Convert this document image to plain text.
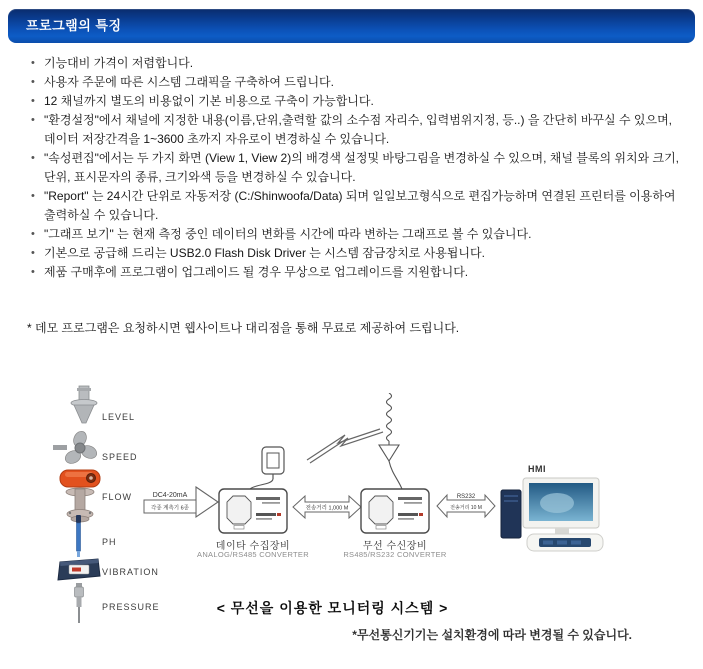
프로그램의 특징
• 기능대비 가격이 저렴합니다.
• 사용자 주문에 따른 시스템 그래픽을 구축하여 드립니다.
• 12 채널까지 별도의 비용없이 기본 비용으로 구축이 가능합니다.
• "환경설정"에서 채널에 지정한 내용(이름,단위,출력할 값의 소수점 자리수, 입력범위지정, 등..) 을 간단히 바꾸실 수 있으며, 데이터 저장간격을 1~3600 초까지 자유로이 변경하실 수 있습니다.
• "속성편집"에서는 두 가지 화면 (View 1, View 2)의 배경색 설정및 바탕그림을 변경하실 수 있으며, 채널 블록의 위치와 크기,단위, 표시문자의 종류, 크기와색 등을 변경하실 수 있습니다.
• "Report" 는 24시간 단위로 자동저장 (C:/Shinwoofa/Data) 되며 일일보고형식으로 편집가능하며 연결된 프린터를 이용하여 출력하실 수 있습니다.
• "그래프 보기" 는 현재 측정 중인 데이터의 변화를 시간에 따라 변하는 그래프로 볼 수 있습니다.
• 기본으로 공급해 드리는 USB2.0 Flash Disk Driver 는 시스템 잠금장치로 사용됩니다.
• 제품 구매후에 프로그램이 업그레이드 될 경우 무상으로 업그레이드를 지원합니다.
* 데모 프로그램은 요청하시면 웹사이트나 대리점을 통해 무료로 제공하여 드립니다.
LEVEL
SPEED
FLOW
PH
VIBRATION
PRESSURE
DC4-20mA
각종 계측기 6종	전송거리 1,000 M
RS232
전송거리 10 M
데이타 수집장비
ANALOG/RS485 CONVERTER
무선 수신장비
RS485/RS232 CONVERTER
HMI
< 무선을 이용한 모니터링 시스템 >
*무선통신기기는 설치환경에 따라 변경될 수 있습니다.
